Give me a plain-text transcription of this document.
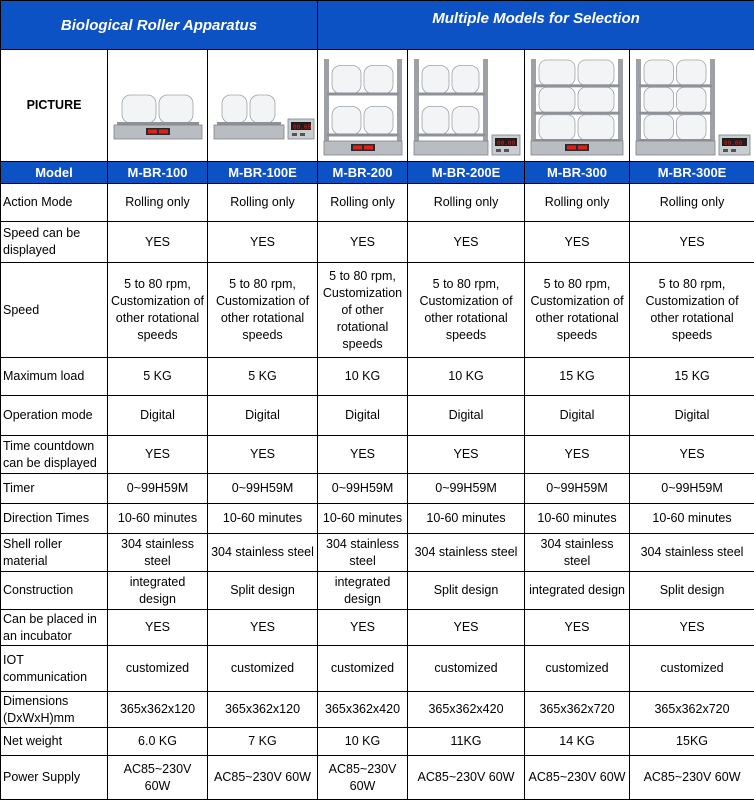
Biological Roller Apparatus			Multiple Models for Selection			
PICTURE		00.00		00.00		00.00

Model	M-BR-100	M-BR-100E	M-BR-200	M-BR-200E	M-BR-300	M-BR-300E
Action Mode	Rolling only	Rolling only	Rolling only	Rolling only	Rolling only	Rolling only
Speed can be displayed	YES	YES	YES	YES	YES	YES
Speed	5 to 80 rpm, Customization of other rotational speeds	5 to 80 rpm, Customization of other rotational speeds	5 to 80 rpm, Customization of other rotational speeds	5 to 80 rpm, Customization of other rotational speeds	5 to 80 rpm, Customization of other rotational speeds	5 to 80 rpm, Customization of other rotational speeds
Maximum load	5 KG	5 KG	10 KG	10 KG	15 KG	15 KG
Operation mode	Digital	Digital	Digital	Digital	Digital	Digital
Time countdown can be displayed	YES	YES	YES	YES	YES	YES
Timer	0~99H59M	0~99H59M	0~99H59M	0~99H59M	0~99H59M	0~99H59M
Direction Times	10-60 minutes	10-60 minutes	10-60 minutes	10-60 minutes	10-60 minutes	10-60 minutes
Shell roller material	304 stainless steel	304 stainless steel	304 stainless steel	304 stainless steel	304 stainless steel	304 stainless steel
Construction	integrated design	Split design	integrated design	Split design	integrated design	Split design
Can be placed in an incubator	YES	YES	YES	YES	YES	YES
IOT communication	customized	customized	customized	customized	customized	customized
Dimensions (DxWxH)mm	365x362x120	365x362x120	365x362x420	365x362x420	365x362x720	365x362x720
Net weight	6.0 KG	7 KG	10 KG	11KG	14 KG	15KG
Power Supply	AC85~230V 60W	AC85~230V 60W	AC85~230V 60W	AC85~230V 60W	AC85~230V 60W	AC85~230V 60W
